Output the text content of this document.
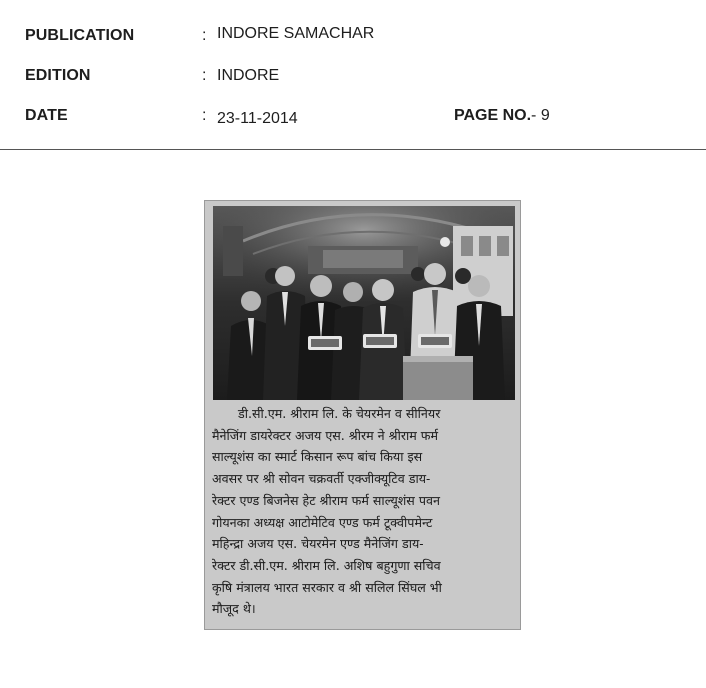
PUBLICATION	: INDORE SAMACHAR
EDITION	: INDORE
DATE	: 23-11-2014	PAGE NO.- 9
डी.सी.एम. श्रीराम लि. के चेयरमेन व सीनियर
मैनेजिंग डायरेक्टर अजय एस. श्रीरम ने श्रीराम फर्म
साल्यूशंस का स्मार्ट किसान रूप बांच किया इस
अवसर पर श्री सोवन चक्रवर्ती एक्जीक्यूटिव डाय-
रेक्टर एण्ड बिजनेस हेट श्रीराम फर्म साल्यूशंस पवन
गोयनका अध्यक्ष आटोमेटिव एण्ड फर्म टूक्वीपमेन्ट
महिन्द्रा अजय एस. चेयरमेन एण्ड मैनेजिंग डाय-
रेक्टर डी.सी.एम. श्रीराम लि. अशिष बहुगुणा सचिव
कृषि मंत्रालय भारत सरकार व श्री सलिल सिंघल भी
मौजूद थे।
